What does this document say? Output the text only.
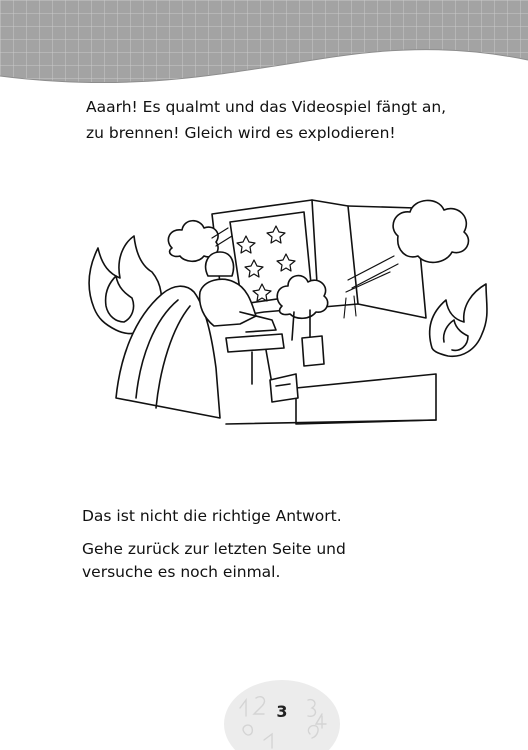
Aaarh! Es qualmt und das Videospiel fängt an,
zu brennen! Gleich wird es explodieren!

Das ist nicht die richtige Antwort.

Gehe zurück zur letzten Seite und
versuche es noch einmal.

3
